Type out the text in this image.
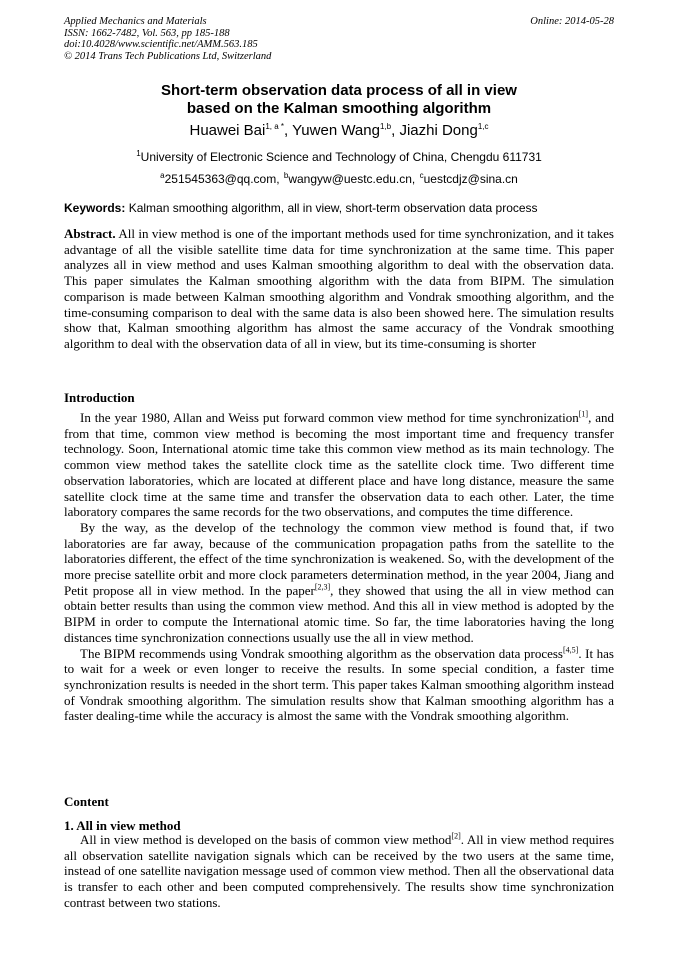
Applied Mechanics and Materials
ISSN: 1662-7482, Vol. 563, pp 185-188
doi:10.4028/www.scientific.net/AMM.563.185
© 2014 Trans Tech Publications Ltd, Switzerland
Online: 2014-05-28
Short-term observation data process of all in view
based on the Kalman smoothing algorithm
Huawei Bai$^{1, a *}$, Yuwen Wang$^{1,b}$, Jiazhi Dong$^{1,c}$
$^1$University of Electronic Science and Technology of China, Chengdu 611731
$^a$251545363@qq.com, $^b$wangyw@uestc.edu.cn, $^c$uestcdjz@sina.cn
Keywords: Kalman smoothing algorithm, all in view, short-term observation data process

Abstract. All in view method is one of the important methods used for time synchronization, and it takes advantage of all the visible satellite time data for time synchronization at the same time. This paper analyzes all in view method and uses Kalman smoothing algorithm to deal with the observation data. This paper simulates the Kalman smoothing algorithm with the data from BIPM. The simulation comparison is made between Kalman smoothing algorithm and Vondrak smoothing algorithm, and the time-consuming comparison to deal with the same data is also been showed here. The simulation results show that, Kalman smoothing algorithm has almost the same accuracy of the Vondrak smoothing algorithm to deal with the observation data of all in view, but its time-consuming is shorter

Introduction

In the year 1980, Allan and Weiss put forward common view method for time synchronization[1], and from that time, common view method is becoming the most important time and frequency transfer technology. Soon, International atomic time take this common view method as its main technology. The common view method takes the satellite clock time as the satellite clock time. Two different time observation laboratories, which are located at different place and have long distance, measure the same satellite clock time at the same time and transfer the observation data to each other. Later, the time laboratory compares the same records for the two observations, and computes the time difference.

By the way, as the develop of the technology the common view method is found that, if two laboratories are far away, because of the communication propagation paths from the satellite to the laboratories different, the effect of the time synchronization is weakened. So, with the development of the more precise satellite orbit and more clock parameters determination method, in the year 2004, Jiang and Petit propose all in view method. In the paper[2,3], they showed that using the all in view method can obtain better results than using the common view method. And this all in view method is adopted by the BIPM in order to compute the International atomic time. So far, the time laboratories having the long distances time synchronization connections usually use the all in view method.

The BIPM recommends using Vondrak smoothing algorithm as the observation data process[4,5]. It has to wait for a week or even longer to receive the results. In some special condition, a faster time synchronization results is needed in the short term. This paper takes Kalman smoothing algorithm instead of Vondrak smoothing algorithm. The simulation results show that Kalman smoothing algorithm has a faster dealing-time while the accuracy is almost the same with the Vondrak smoothing algorithm.

Content
1. All in view method

All in view method is developed on the basis of common view method[2]. All in view method requires all observation satellite navigation signals which can be received by the two users at the same time, instead of one satellite navigation message used of common view method. Then all the observational data is transfer to each other and been computed comprehensively. The results show time synchronization contrast between two stations.
